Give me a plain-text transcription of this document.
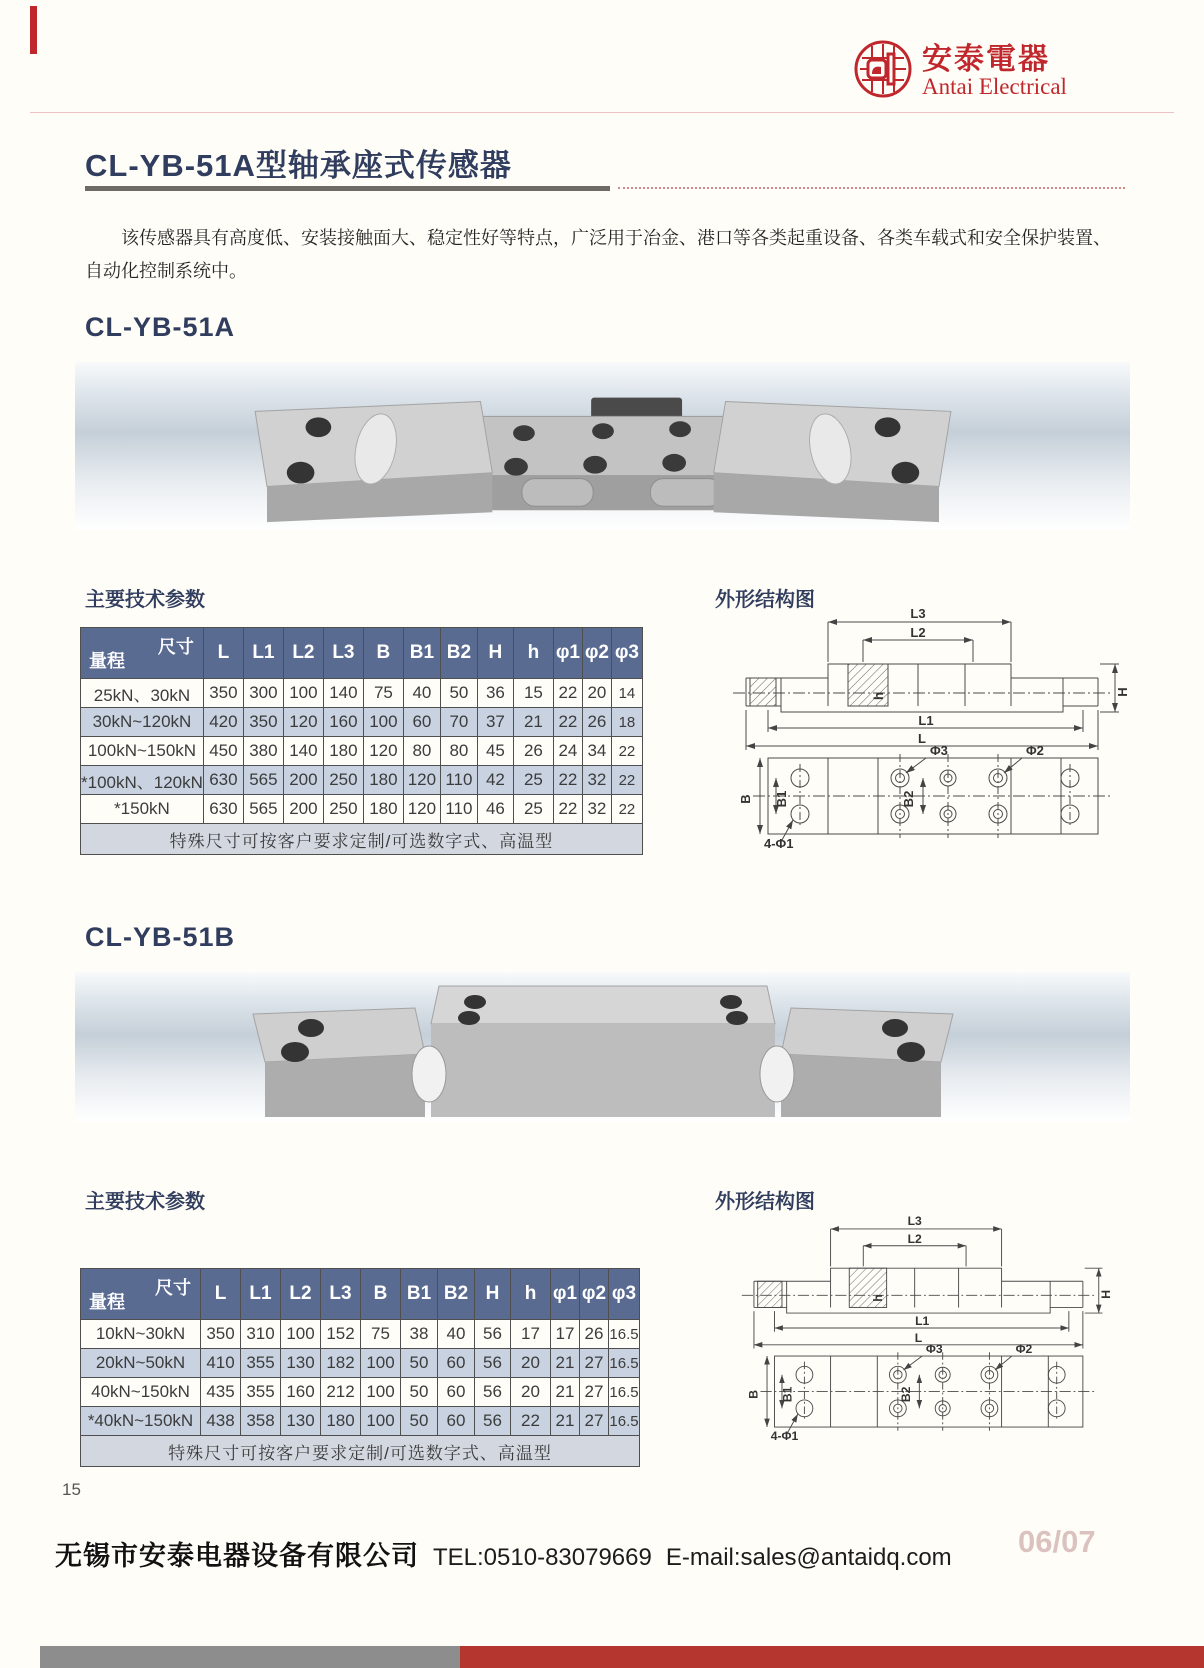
安泰電器
Antai Electrical
CL-YB-51A型轴承座式传感器
该传感器具有高度低、安装接触面大、稳定性好等特点，广泛用于冶金、港口等各类起重设备、各类车载式和安全保护装置、自动化控制系统中。
CL-YB-51A
主要技术参数	外形结构图
尺寸
量程	L	L1	L2	L3	B	B1	B2	H	h	φ1	φ2	φ3
25kN、30kN	350	300	100	140	75	40	50	36	15	22	20	14
30kN~120kN	420	350	120	160	100	60	70	37	21	22	26	18
100kN~150kN	450	380	140	180	120	80	80	45	26	24	34	22
*100kN、120kN	630	565	200	250	180	120	110	42	25	22	32	22
*150kN	630	565	200	250	180	120	110	46	25	22	32	22
特殊尺寸可按客户要求定制/可选数字式、高温型												
L3
L2
L1
L
H
h
Φ3	Φ2
B B1	B2
4-Φ1
CL-YB-51B
主要技术参数	外形结构图
尺寸
量程	L	L1	L2	L3	B	B1	B2	H	h	φ1	φ2	φ3
10kN~30kN	350	310	100	152	75	38	40	56	17	17	26	16.5
20kN~50kN	410	355	130	182	100	50	60	56	20	21	27	16.5
40kN~150kN	435	355	160	212	100	50	60	56	20	21	27	16.5
*40kN~150kN	438	358	130	180	100	50	60	56	22	21	27	16.5
特殊尺寸可按客户要求定制/可选数字式、高温型												
L3
L2
L1
L
H
h
Φ3	Φ2
B B1	B2
4-Φ1
15
无锡市安泰电器设备有限公司 TEL:0510-83079669 E-mail:sales@antaidq.com 06/07
